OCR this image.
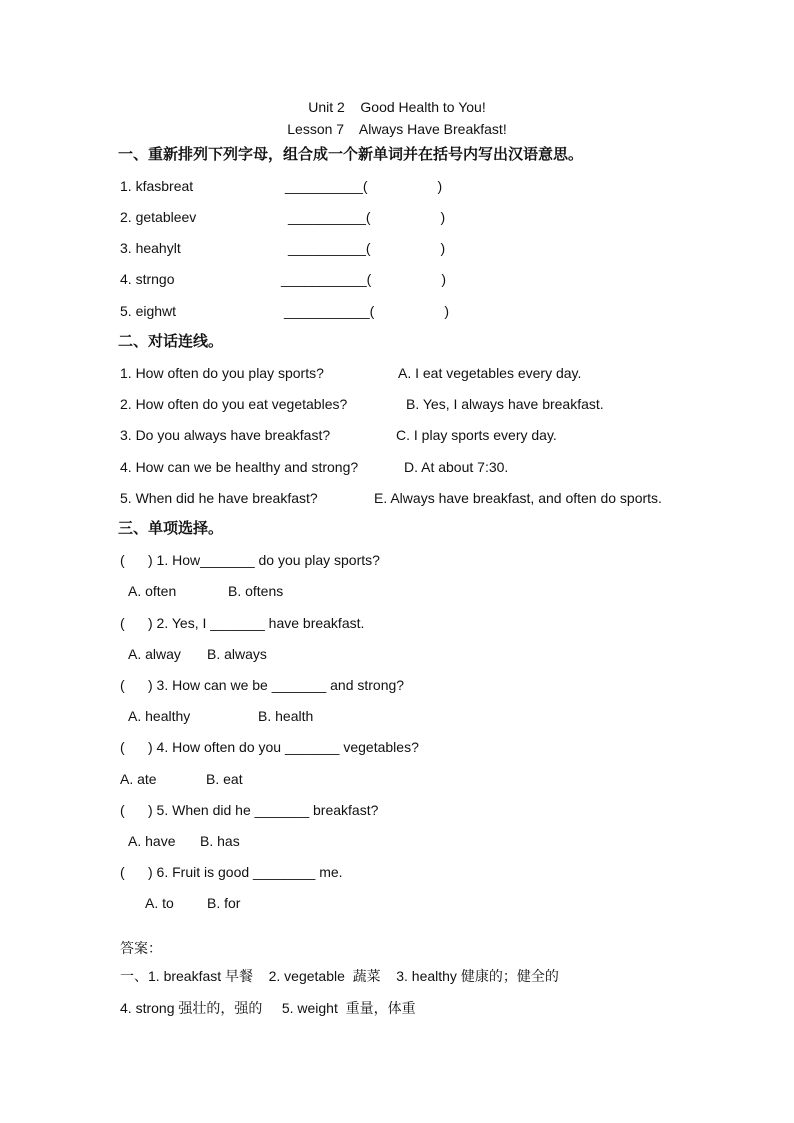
Unit 2    Good Health to You!
Lesson 7    Always Have Breakfast!
一、重新排列下列字母，组合成一个新单词并在括号内写出汉语意思。
1. kfasbreat	__________(                  )
2. getableev	__________(                  )
3. heahylt	__________(                  )
4. strngo	___________(                  )
5. eighwt	___________(                  )
二、对话连线。
1. How often do you play sports?	A. I eat vegetables every day.
2. How often do you eat vegetables?	B. Yes, I always have breakfast.
3. Do you always have breakfast?	C. I play sports every day.
4. How can we be healthy and strong?	D. At about 7:30.
5. When did he have breakfast?	E. Always have breakfast, and often do sports.
三、单项选择。
(      ) 1. How_______ do you play sports?
A. often	B. oftens
(      ) 2. Yes, I _______ have breakfast.
A. alway B. always
(      ) 3. How can we be _______ and strong?
A. healthy	B. health
(      ) 4. How often do you _______ vegetables?
A. ate	B. eat
(      ) 5. When did he _______ breakfast?
A. have B. has
(      ) 6. Fruit is good ________ me.
A. to B. for
答案：
一、1. breakfast 早餐    2. vegetable  蔬菜    3. healthy 健康的；健全的
4. strong 强壮的，强的     5. weight  重量，体重
